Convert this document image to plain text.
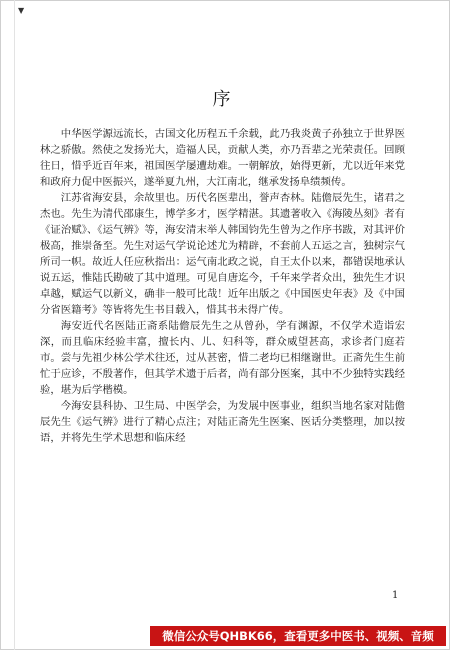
▼
序

中华医学源远流长，古国文化历程五千余载，此乃我炎黄子孙独立于世界医林之骄傲。然使之发扬光大，造福人民，贡献人类，亦乃吾辈之光荣责任。回顾往日，惜乎近百年来，祖国医学屡遭劫难。一朝解放，始得更新，尤以近年来党和政府力促中医振兴，遂举夏九州，大江南北，继承发扬阜绩频传。

江苏省海安县，余故里也。历代名医辈出，誉声杏林。陆儋辰先生，诸君之杰也。先生为清代邵康生，博学多才，医学精湛。其遗著收入《海陵丛刻》者有《证治赋》、《运气辨》等，海安清末举人韩国钧先生曾为之作序书跋，对其评价极高，推崇备至。先生对运气学说论述尤为精辟，不套前人五运之言，独树宗气所司一帜。故近人任应秋指出：运气南北政之说，自王太仆以来，都错误地承认说五运，惟陆氏勘破了其中道理。可见自唐迄今，千年来学者众出，独先生才识卓越，赋运气以新义，确非一般可比哉！近年出版之《中国医史年表》及《中国分省医籍考》等皆将先生书目载入，惜其书未得广传。

海安近代名医陆正斋系陆儋辰先生之从曾孙，学有渊源，不仅学术造诣宏深，而且临床经验丰富，擅长内、儿、妇科等，群众威望甚高，求诊者门庭若市。尝与先祖少林公学术往还，过从甚密，惜二老均已相继谢世。正斋先生生前忙于应诊，不殷著作，但其学术遗于后者，尚有部分医案，其中不少独特实践经验，堪为后学楷模。

今海安县科协、卫生局、中医学会，为发展中医事业，组织当地名家对陆儋辰先生《运气辨》进行了精心点注；对陆正斋先生医案、医话分类整理，加以按语，并将先生学术思想和临床经

1
微信公众号QHBK66，查看更多中医书、视频、音频
